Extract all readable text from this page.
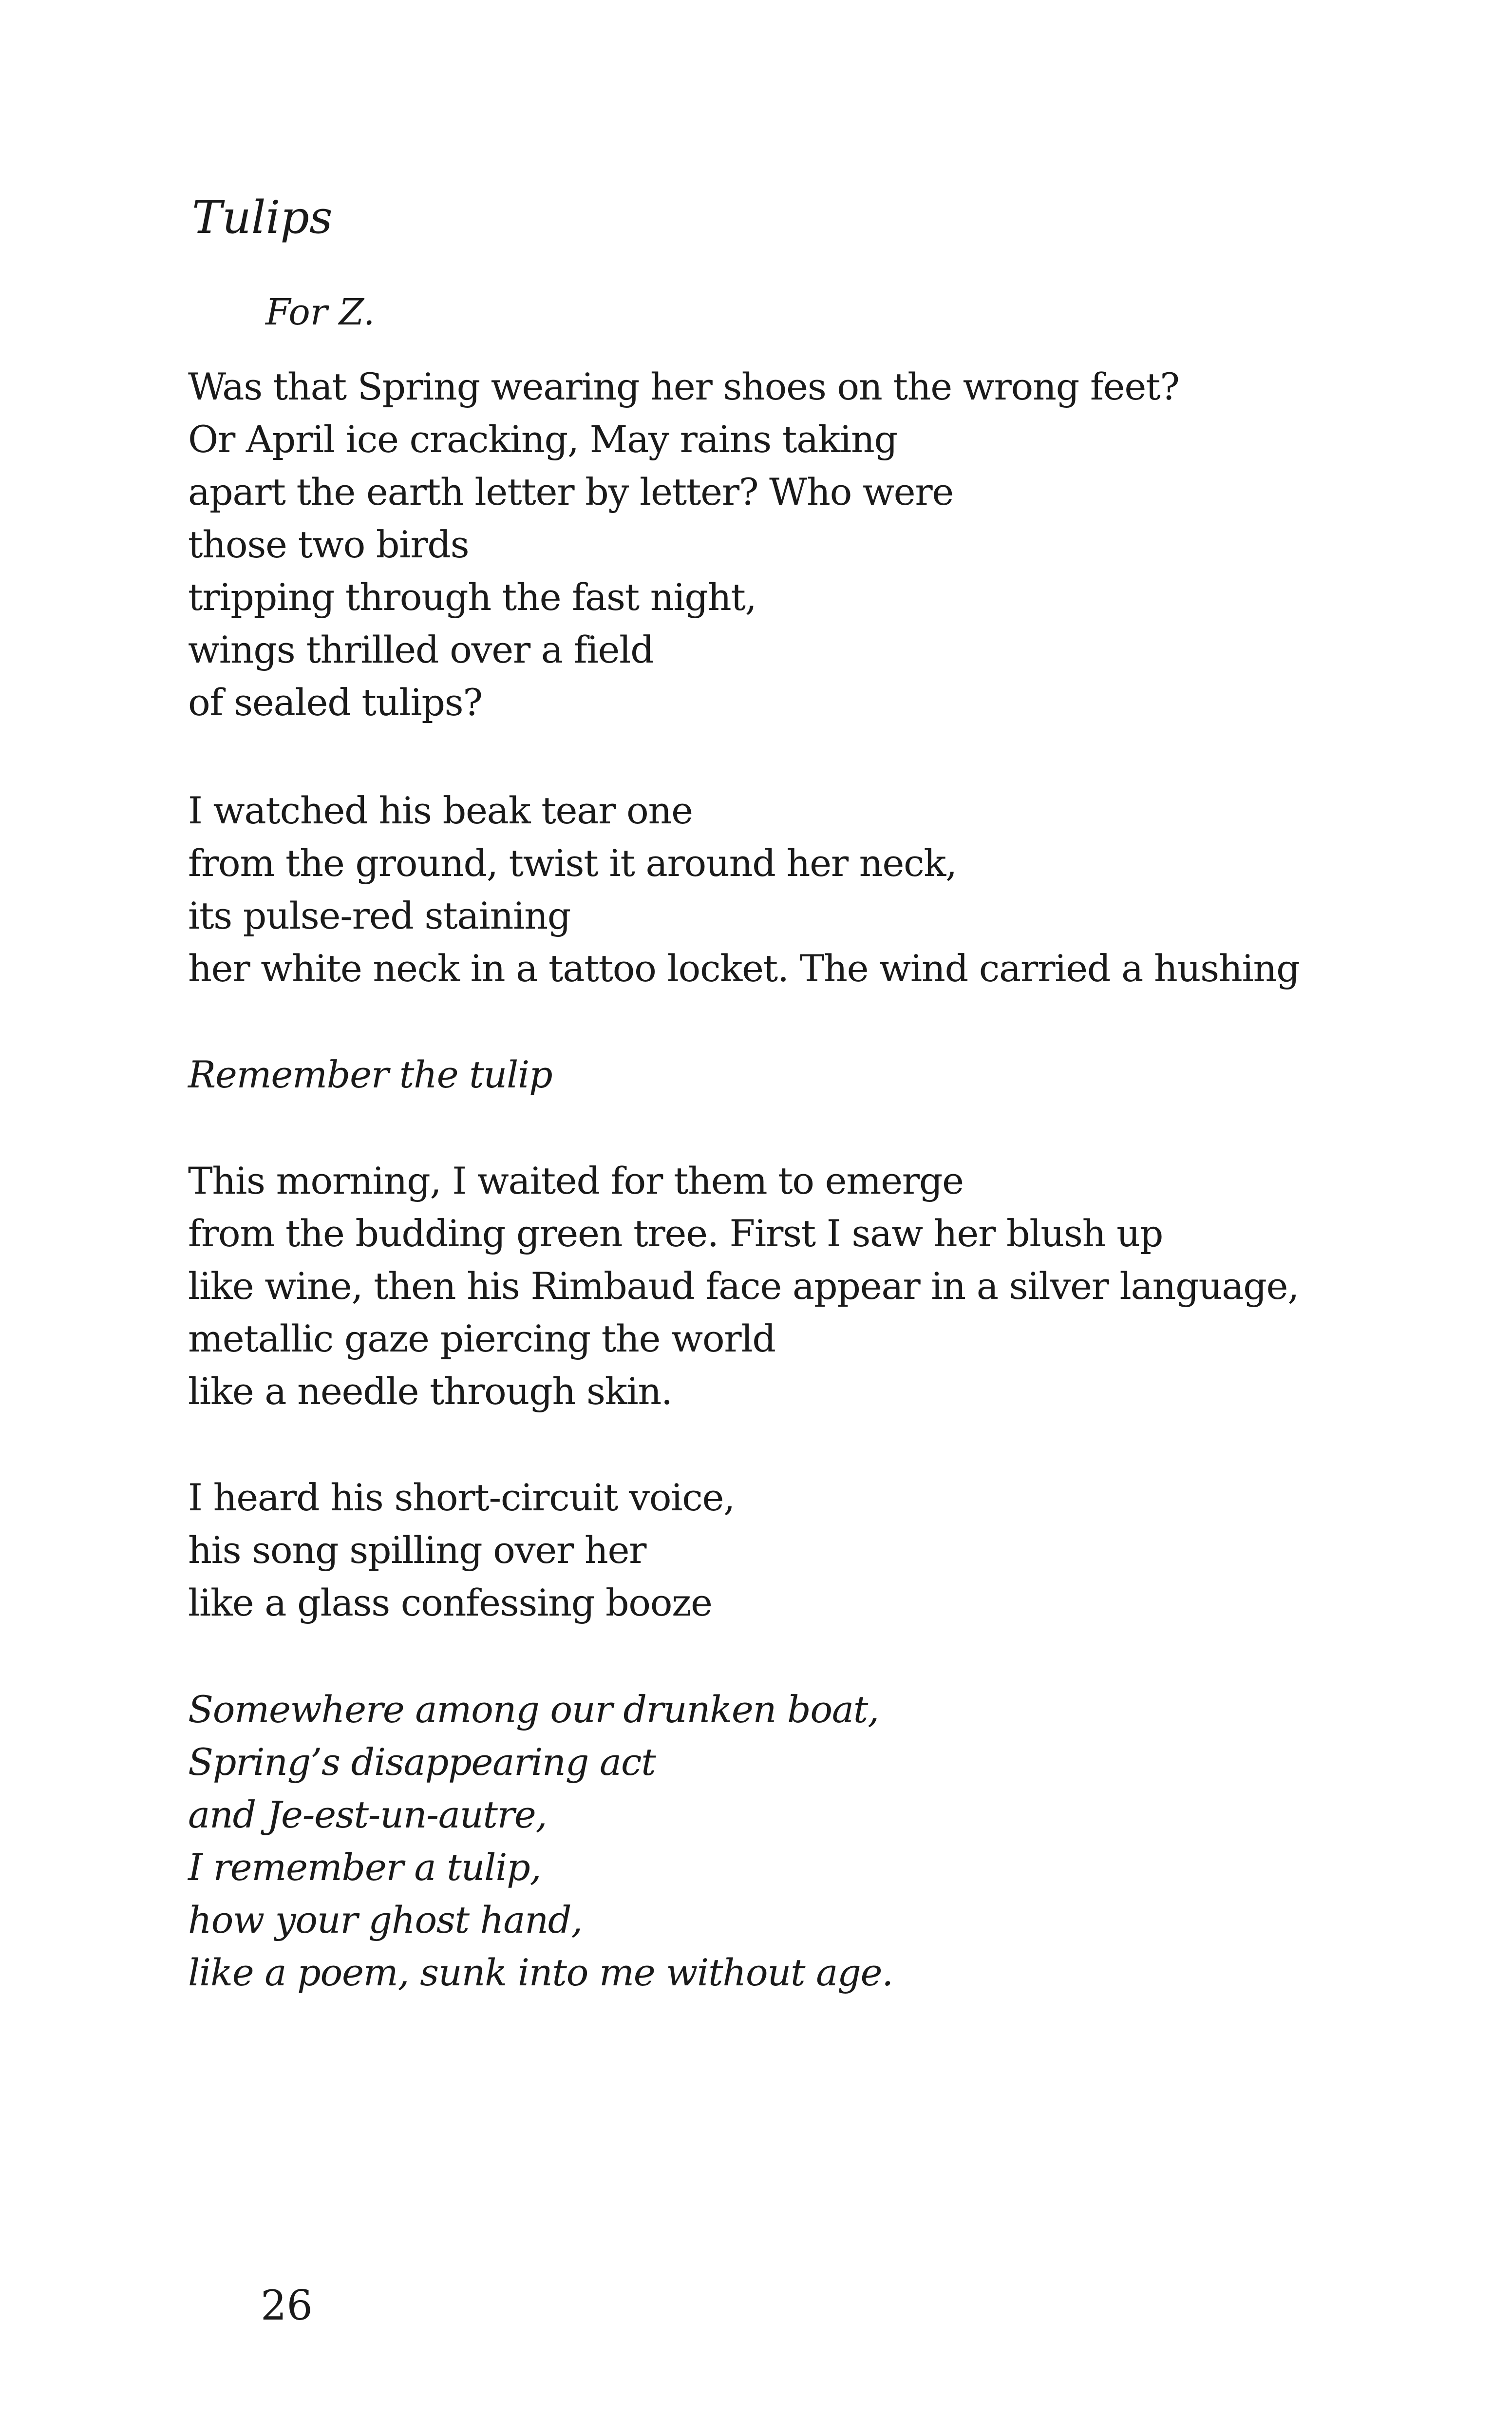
Tulips
For Z.
Was that Spring wearing her shoes on the wrong feet?
Or April ice cracking, May rains taking
apart the earth letter by letter? Who were
those two birds
tripping through the fast night,
wings thrilled over a field
of sealed tulips?
I watched his beak tear one
from the ground, twist it around her neck,
its pulse-red staining
her white neck in a tattoo locket. The wind carried a hushing
Remember the tulip
This morning, I waited for them to emerge
from the budding green tree. First I saw her blush up
like wine, then his Rimbaud face appear in a silver language,
metallic gaze piercing the world
like a needle through skin.
I heard his short-circuit voice,
his song spilling over her
like a glass confessing booze
Somewhere among our drunken boat,
Spring’s disappearing act
and Je-est-un-autre,
I remember a tulip,
how your ghost hand,
like a poem, sunk into me without age.
26
